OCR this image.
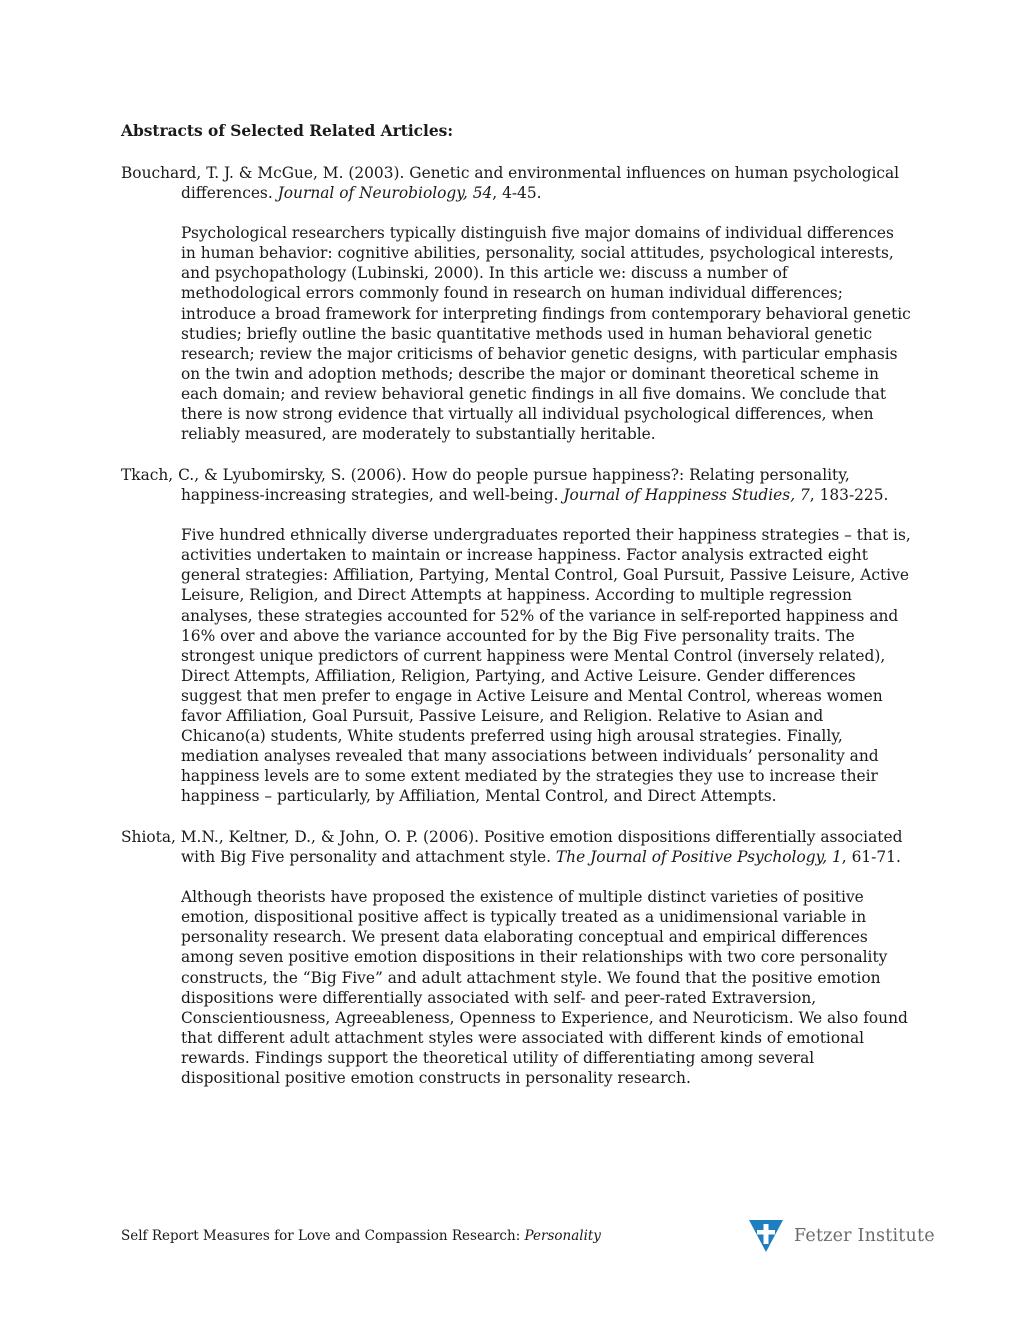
Abstracts of Selected Related Articles:

Bouchard, T. J. & McGue, M. (2003). Genetic and environmental influences on human psychological differences. Journal of Neurobiology, 54, 4-45.

Psychological researchers typically distinguish five major domains of individual differences in human behavior: cognitive abilities, personality, social attitudes, psychological interests, and psychopathology (Lubinski, 2000). In this article we: discuss a number of methodological errors commonly found in research on human individual differences; introduce a broad framework for interpreting findings from contemporary behavioral genetic studies; briefly outline the basic quantitative methods used in human behavioral genetic research; review the major criticisms of behavior genetic designs, with particular emphasis on the twin and adoption methods; describe the major or dominant theoretical scheme in each domain; and review behavioral genetic findings in all five domains. We conclude that there is now strong evidence that virtually all individual psychological differences, when reliably measured, are moderately to substantially heritable.

Tkach, C., & Lyubomirsky, S. (2006). How do people pursue happiness?: Relating personality, happiness-increasing strategies, and well-being. Journal of Happiness Studies, 7, 183-225.

Five hundred ethnically diverse undergraduates reported their happiness strategies – that is, activities undertaken to maintain or increase happiness. Factor analysis extracted eight general strategies: Affiliation, Partying, Mental Control, Goal Pursuit, Passive Leisure, Active Leisure, Religion, and Direct Attempts at happiness. According to multiple regression analyses, these strategies accounted for 52% of the variance in self-reported happiness and 16% over and above the variance accounted for by the Big Five personality traits. The strongest unique predictors of current happiness were Mental Control (inversely related), Direct Attempts, Affiliation, Religion, Partying, and Active Leisure. Gender differences suggest that men prefer to engage in Active Leisure and Mental Control, whereas women favor Affiliation, Goal Pursuit, Passive Leisure, and Religion. Relative to Asian and Chicano(a) students, White students preferred using high arousal strategies. Finally, mediation analyses revealed that many associations between individuals’ personality and happiness levels are to some extent mediated by the strategies they use to increase their happiness – particularly, by Affiliation, Mental Control, and Direct Attempts.

Shiota, M.N., Keltner, D., & John, O. P. (2006). Positive emotion dispositions differentially associated with Big Five personality and attachment style. The Journal of Positive Psychology, 1, 61-71.

Although theorists have proposed the existence of multiple distinct varieties of positive emotion, dispositional positive affect is typically treated as a unidimensional variable in personality research. We present data elaborating conceptual and empirical differences among seven positive emotion dispositions in their relationships with two core personality constructs, the “Big Five” and adult attachment style. We found that the positive emotion dispositions were differentially associated with self- and peer-rated Extraversion, Conscientiousness, Agreeableness, Openness to Experience, and Neuroticism. We also found that different adult attachment styles were associated with different kinds of emotional rewards. Findings support the theoretical utility of differentiating among several dispositional positive emotion constructs in personality research.
Self Report Measures for Love and Compassion Research: Personality	Fetzer Institute
